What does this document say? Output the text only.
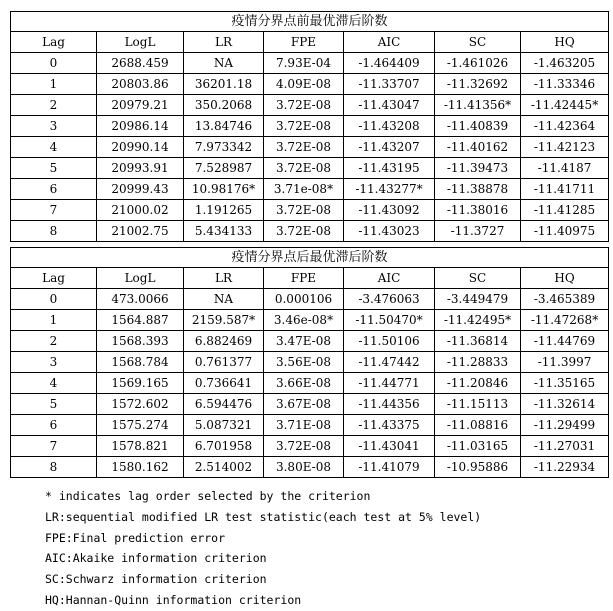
疫情分界点前最优滞后阶数						
Lag	LogL	LR	FPE	AIC	SC	HQ
0	2688.459	NA	7.93E-04	-1.464409	-1.461026	-1.463205
1	20803.86	36201.18	4.09E-08	-11.33707	-11.32692	-11.33346
2	20979.21	350.2068	3.72E-08	-11.43047	-11.41356*	-11.42445*
3	20986.14	13.84746	3.72E-08	-11.43208	-11.40839	-11.42364
4	20990.14	7.973342	3.72E-08	-11.43207	-11.40162	-11.42123
5	20993.91	7.528987	3.72E-08	-11.43195	-11.39473	-11.4187
6	20999.43	10.98176*	3.71e-08*	-11.43277*	-11.38878	-11.41711
7	21000.02	1.191265	3.72E-08	-11.43092	-11.38016	-11.41285
8	21002.75	5.434133	3.72E-08	-11.43023	-11.3727	-11.40975
疫情分界点后最优滞后阶数						
Lag	LogL	LR	FPE	AIC	SC	HQ
0	473.0066	NA	0.000106	-3.476063	-3.449479	-3.465389
1	1564.887	2159.587*	3.46e-08*	-11.50470*	-11.42495*	-11.47268*
2	1568.393	6.882469	3.47E-08	-11.50106	-11.36814	-11.44769
3	1568.784	0.761377	3.56E-08	-11.47442	-11.28833	-11.3997
4	1569.165	0.736641	3.66E-08	-11.44771	-11.20846	-11.35165
5	1572.602	6.594476	3.67E-08	-11.44356	-11.15113	-11.32614
6	1575.274	5.087321	3.71E-08	-11.43375	-11.08816	-11.29499
7	1578.821	6.701958	3.72E-08	-11.43041	-11.03165	-11.27031
8	1580.162	2.514002	3.80E-08	-11.41079	-10.95886	-11.22934
* indicates lag order selected by the criterion
LR:sequential modified LR test statistic(each test at 5% level)
FPE:Final prediction error
AIC:Akaike information criterion
SC:Schwarz information criterion
HQ:Hannan-Quinn information criterion
